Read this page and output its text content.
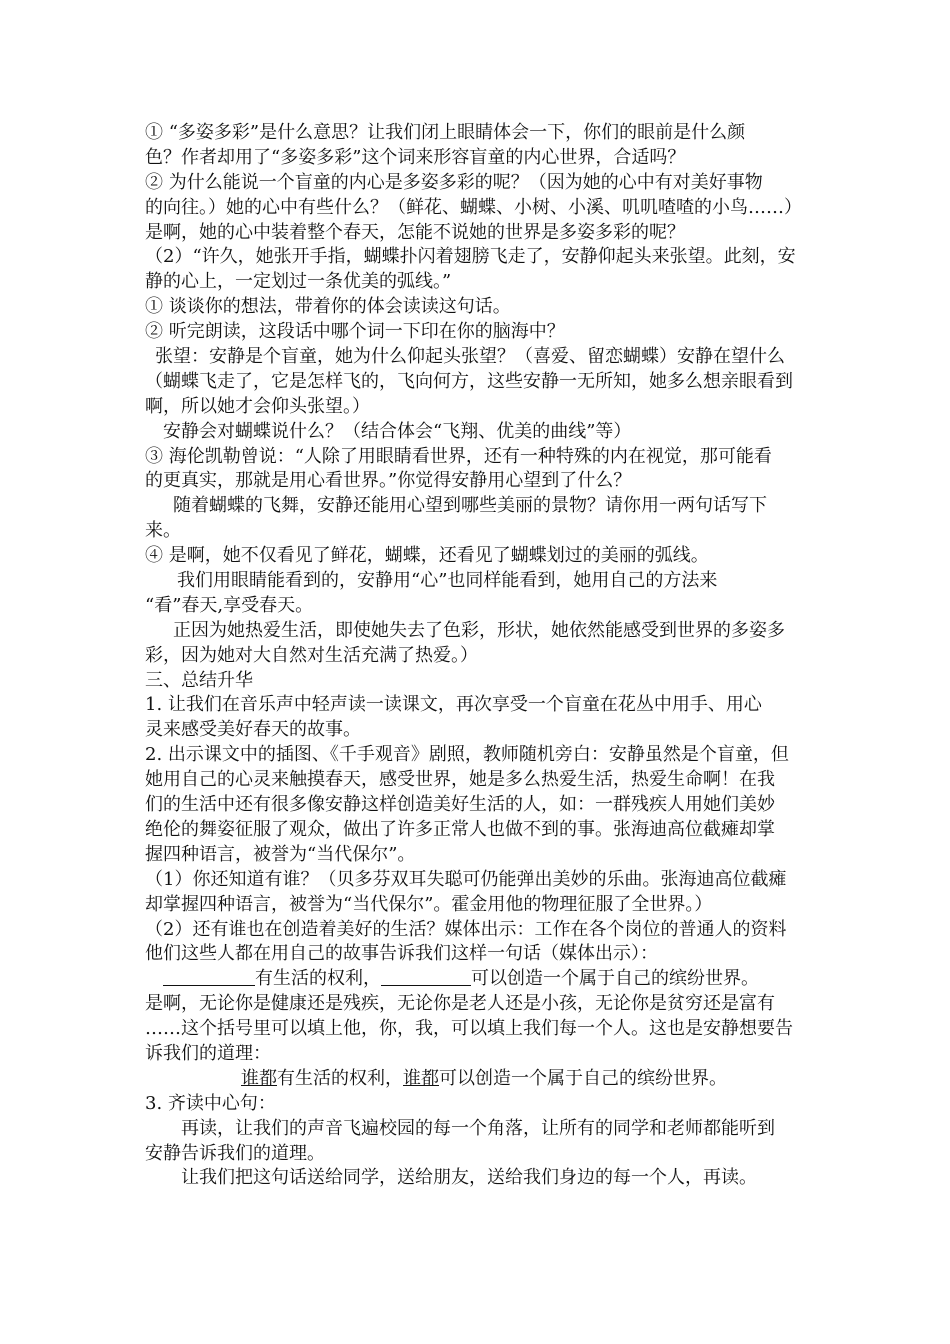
① “多姿多彩”是什么意思？让我们闭上眼睛体会一下，你们的眼前是什么颜
色？作者却用了“多姿多彩”这个词来形容盲童的内心世界，合适吗？
② 为什么能说一个盲童的内心是多姿多彩的呢？（因为她的心中有对美好事物
的向往。）她的心中有些什么？（鲜花、蝴蝶、小树、小溪、叽叽喳喳的小鸟……）
是啊，她的心中装着整个春天，怎能不说她的世界是多姿多彩的呢？
（2）“许久，她张开手指，蝴蝶扑闪着翅膀飞走了，安静仰起头来张望。此刻，安
静的心上，一定划过一条优美的弧线。”
① 谈谈你的想法，带着你的体会读读这句话。
② 听完朗读，这段话中哪个词一下印在你的脑海中？
张望：安静是个盲童，她为什么仰起头张望？（喜爱、留恋蝴蝶）安静在望什么
（蝴蝶飞走了，它是怎样飞的，飞向何方，这些安静一无所知，她多么想亲眼看到
啊，所以她才会仰头张望。）
安静会对蝴蝶说什么？（结合体会“飞翔、优美的曲线”等）
③ 海伦凯勒曾说：“人除了用眼睛看世界，还有一种特殊的内在视觉，那可能看
的更真实，那就是用心看世界。”你觉得安静用心望到了什么？
随着蝴蝶的飞舞，安静还能用心望到哪些美丽的景物？请你用一两句话写下
来。
④ 是啊，她不仅看见了鲜花，蝴蝶，还看见了蝴蝶划过的美丽的弧线。
我们用眼睛能看到的，安静用“心”也同样能看到，她用自己的方法来
“看”春天,享受春天。
正因为她热爱生活，即使她失去了色彩，形状，她依然能感受到世界的多姿多
彩，因为她对大自然对生活充满了热爱。）
三、总结升华
1. 让我们在音乐声中轻声读一读课文，再次享受一个盲童在花丛中用手、用心
灵来感受美好春天的故事。
2. 出示课文中的插图、《千手观音》剧照，教师随机旁白：安静虽然是个盲童，但
她用自己的心灵来触摸春天，感受世界，她是多么热爱生活，热爱生命啊！在我
们的生活中还有很多像安静这样创造美好生活的人，如：一群残疾人用她们美妙
绝伦的舞姿征服了观众，做出了许多正常人也做不到的事。张海迪高位截瘫却掌
握四种语言，被誉为“当代保尔”。
（1）你还知道有谁？（贝多芬双耳失聪可仍能弹出美妙的乐曲。张海迪高位截瘫
却掌握四种语言，被誉为“当代保尔”。霍金用他的物理征服了全世界。）
（2）还有谁也在创造着美好的生活？媒体出示：工作在各个岗位的普通人的资料
他们这些人都在用自己的故事告诉我们这样一句话（媒体出示）：
有生活的权利，	可以创造一个属于自己的缤纷世界。
是啊，无论你是健康还是残疾，无论你是老人还是小孩，无论你是贫穷还是富有
……这个括号里可以填上他，你，我，可以填上我们每一个人。这也是安静想要告
诉我们的道理：
谁都有生活的权利，谁都可以创造一个属于自己的缤纷世界。
3. 齐读中心句：
再读，让我们的声音飞遍校园的每一个角落，让所有的同学和老师都能听到
安静告诉我们的道理。
让我们把这句话送给同学，送给朋友，送给我们身边的每一个人，再读。
